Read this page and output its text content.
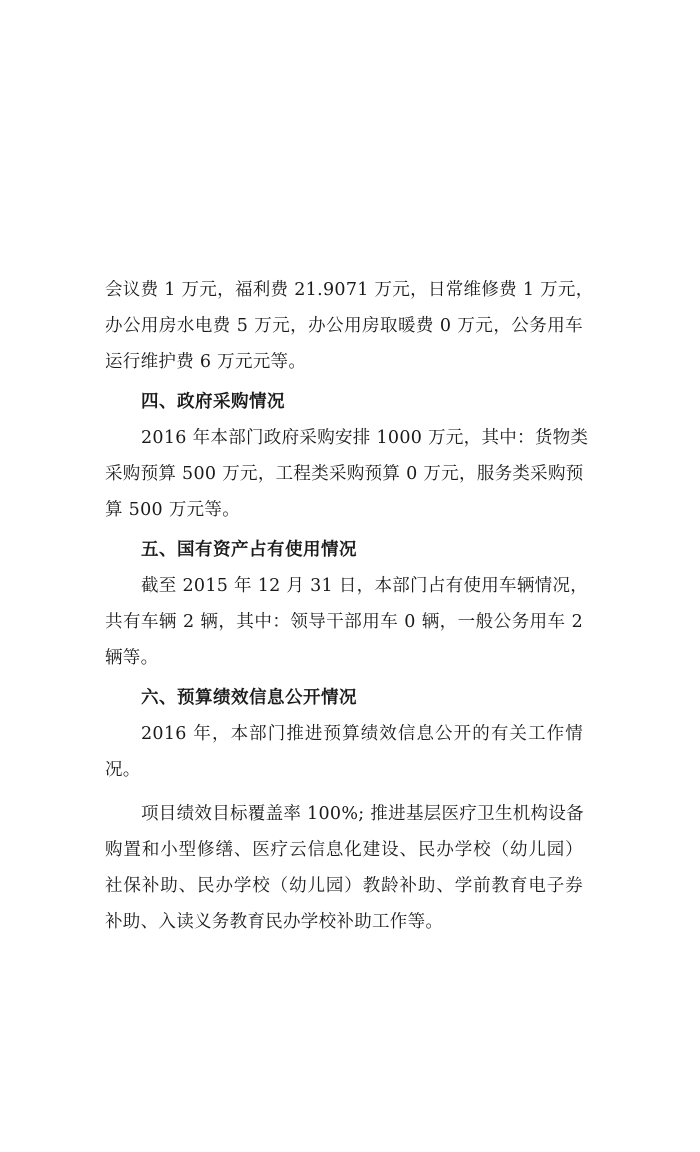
会议费 1 万元，福利费 21.9071 万元，日常维修费 1 万元，
办公用房水电费 5 万元，办公用房取暖费 0 万元，公务用车
运行维护费 6 万元元等。
四、政府采购情况
2016 年本部门政府采购安排 1000 万元，其中：货物类
采购预算 500 万元，工程类采购预算 0 万元，服务类采购预
算 500 万元等。
五、国有资产占有使用情况
截至 2015 年 12 月 31 日，本部门占有使用车辆情况，
共有车辆 2 辆，其中：领导干部用车 0 辆，一般公务用车 2
辆等。
六、预算绩效信息公开情况
2016 年，本部门推进预算绩效信息公开的有关工作情
况。
项目绩效目标覆盖率 100%; 推进基层医疗卫生机构设备
购置和小型修缮、医疗云信息化建设、民办学校（幼儿园）
社保补助、民办学校（幼儿园）教龄补助、学前教育电子券
补助、入读义务教育民办学校补助工作等。
